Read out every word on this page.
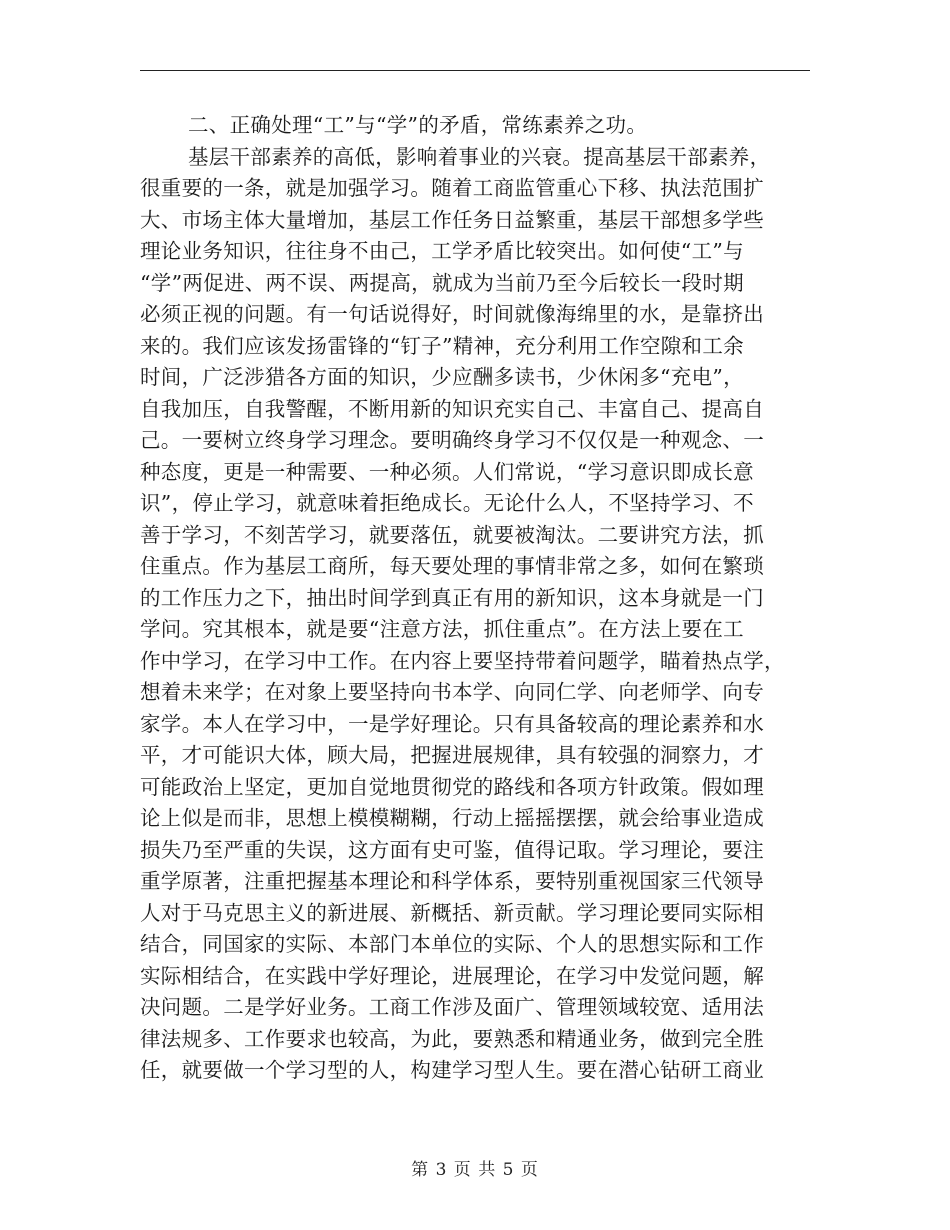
二、正确处理“工”与“学”的矛盾，常练素养之功。
基层干部素养的高低，影响着事业的兴衰。提高基层干部素养，
很重要的一条，就是加强学习。随着工商监管重心下移、执法范围扩
大、市场主体大量增加，基层工作任务日益繁重，基层干部想多学些
理论业务知识，往往身不由己，工学矛盾比较突出。如何使“工”与
“学”两促进、两不误、两提高，就成为当前乃至今后较长一段时期
必须正视的问题。有一句话说得好，时间就像海绵里的水，是靠挤出
来的。我们应该发扬雷锋的“钉子”精神，充分利用工作空隙和工余
时间，广泛涉猎各方面的知识，少应酬多读书，少休闲多“充电”，
自我加压，自我警醒，不断用新的知识充实自己、丰富自己、提高自
己。一要树立终身学习理念。要明确终身学习不仅仅是一种观念、一
种态度，更是一种需要、一种必须。人们常说，“学习意识即成长意
识”，停止学习，就意味着拒绝成长。无论什么人，不坚持学习、不
善于学习，不刻苦学习，就要落伍，就要被淘汰。二要讲究方法，抓
住重点。作为基层工商所，每天要处理的事情非常之多，如何在繁琐
的工作压力之下，抽出时间学到真正有用的新知识，这本身就是一门
学问。究其根本，就是要“注意方法，抓住重点”。在方法上要在工
作中学习，在学习中工作。在内容上要坚持带着问题学，瞄着热点学，
想着未来学；在对象上要坚持向书本学、向同仁学、向老师学、向专
家学。本人在学习中，一是学好理论。只有具备较高的理论素养和水
平，才可能识大体，顾大局，把握进展规律，具有较强的洞察力，才
可能政治上坚定，更加自觉地贯彻党的路线和各项方针政策。假如理
论上似是而非，思想上模模糊糊，行动上摇摇摆摆，就会给事业造成
损失乃至严重的失误，这方面有史可鉴，值得记取。学习理论，要注
重学原著，注重把握基本理论和科学体系，要特别重视国家三代领导
人对于马克思主义的新进展、新概括、新贡献。学习理论要同实际相
结合，同国家的实际、本部门本单位的实际、个人的思想实际和工作
实际相结合，在实践中学好理论，进展理论，在学习中发觉问题，解
决问题。二是学好业务。工商工作涉及面广、管理领域较宽、适用法
律法规多、工作要求也较高，为此，要熟悉和精通业务，做到完全胜
任，就要做一个学习型的人，构建学习型人生。要在潜心钻研工商业
第 3 页 共 5 页
